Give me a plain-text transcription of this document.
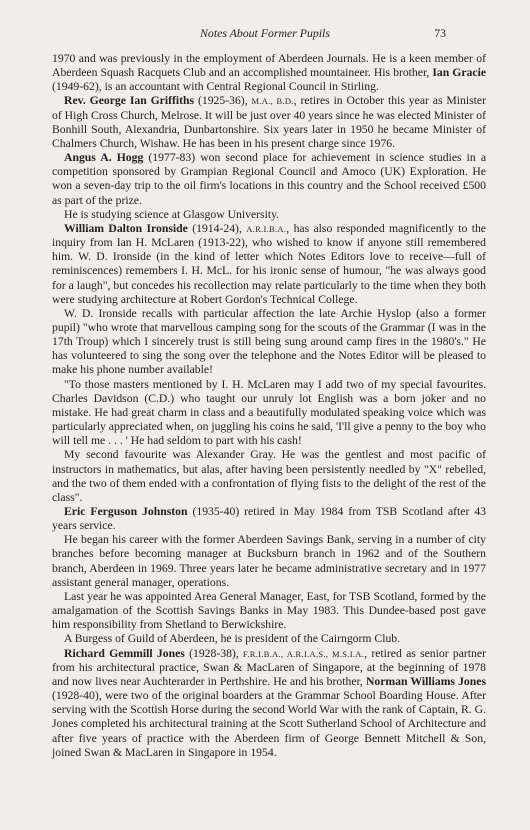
Notes About Former Pupils	73

1970 and was previously in the employment of Aberdeen Journals. He is a keen member of Aberdeen Squash Racquets Club and an accomplished mountaineer. His brother, Ian Gracie (1949-62), is an accountant with Central Regional Council in Stirling.

Rev. George Ian Griffiths (1925-36), M.A., B.D., retires in October this year as Minister of High Cross Church, Melrose. It will be just over 40 years since he was elected Minister of Bonhill South, Alexandria, Dunbartonshire. Six years later in 1950 he became Minister of Chalmers Church, Wishaw. He has been in his present charge since 1976.

Angus A. Hogg (1977-83) won second place for achievement in science studies in a competition sponsored by Grampian Regional Council and Amoco (UK) Exploration. He won a seven-day trip to the oil firm's locations in this country and the School received £500 as part of the prize.

He is studying science at Glasgow University.

William Dalton Ironside (1914-24), A.R.I.B.A., has also responded magnificently to the inquiry from Ian H. McLaren (1913-22), who wished to know if anyone still remembered him. W. D. Ironside (in the kind of letter which Notes Editors love to receive—full of reminiscences) remembers I. H. McL. for his ironic sense of humour, "he was always good for a laugh", but concedes his recollection may relate particularly to the time when they both were studying architecture at Robert Gordon's Technical College.

W. D. Ironside recalls with particular affection the late Archie Hyslop (also a former pupil) "who wrote that marvellous camping song for the scouts of the Grammar (I was in the 17th Troup) which I sincerely trust is still being sung around camp fires in the 1980's." He has volunteered to sing the song over the telephone and the Notes Editor will be pleased to make his phone number available!

"To those masters mentioned by I. H. McLaren may I add two of my special favourites. Charles Davidson (C.D.) who taught our unruly lot English was a born joker and no mistake. He had great charm in class and a beautifully modulated speaking voice which was particularly appreciated when, on juggling his coins he said, 'I'll give a penny to the boy who will tell me . . . ' He had seldom to part with his cash!

My second favourite was Alexander Gray. He was the gentlest and most pacific of instructors in mathematics, but alas, after having been persistently needled by "X" rebelled, and the two of them ended with a confrontation of flying fists to the delight of the rest of the class".

Eric Ferguson Johnston (1935-40) retired in May 1984 from TSB Scotland after 43 years service.

He began his career with the former Aberdeen Savings Bank, serving in a number of city branches before becoming manager at Bucksburn branch in 1962 and of the Southern branch, Aberdeen in 1969. Three years later he became administrative secretary and in 1977 assistant general manager, operations.

Last year he was appointed Area General Manager, East, for TSB Scotland, formed by the amalgamation of the Scottish Savings Banks in May 1983. This Dundee-based post gave him responsibility from Shetland to Berwickshire.

A Burgess of Guild of Aberdeen, he is president of the Cairngorm Club.

Richard Gemmill Jones (1928-38), F.R.I.B.A., A.R.I.A.S., M.S.I.A., retired as senior partner from his architectural practice, Swan & MacLaren of Singapore, at the beginning of 1978 and now lives near Auchterarder in Perthshire. He and his brother, Norman Williams Jones (1928-40), were two of the original boarders at the Grammar School Boarding House. After serving with the Scottish Horse during the second World War with the rank of Captain, R. G. Jones completed his architectural training at the Scott Sutherland School of Architecture and after five years of practice with the Aberdeen firm of George Bennett Mitchell & Son, joined Swan & MacLaren in Singapore in 1954.
